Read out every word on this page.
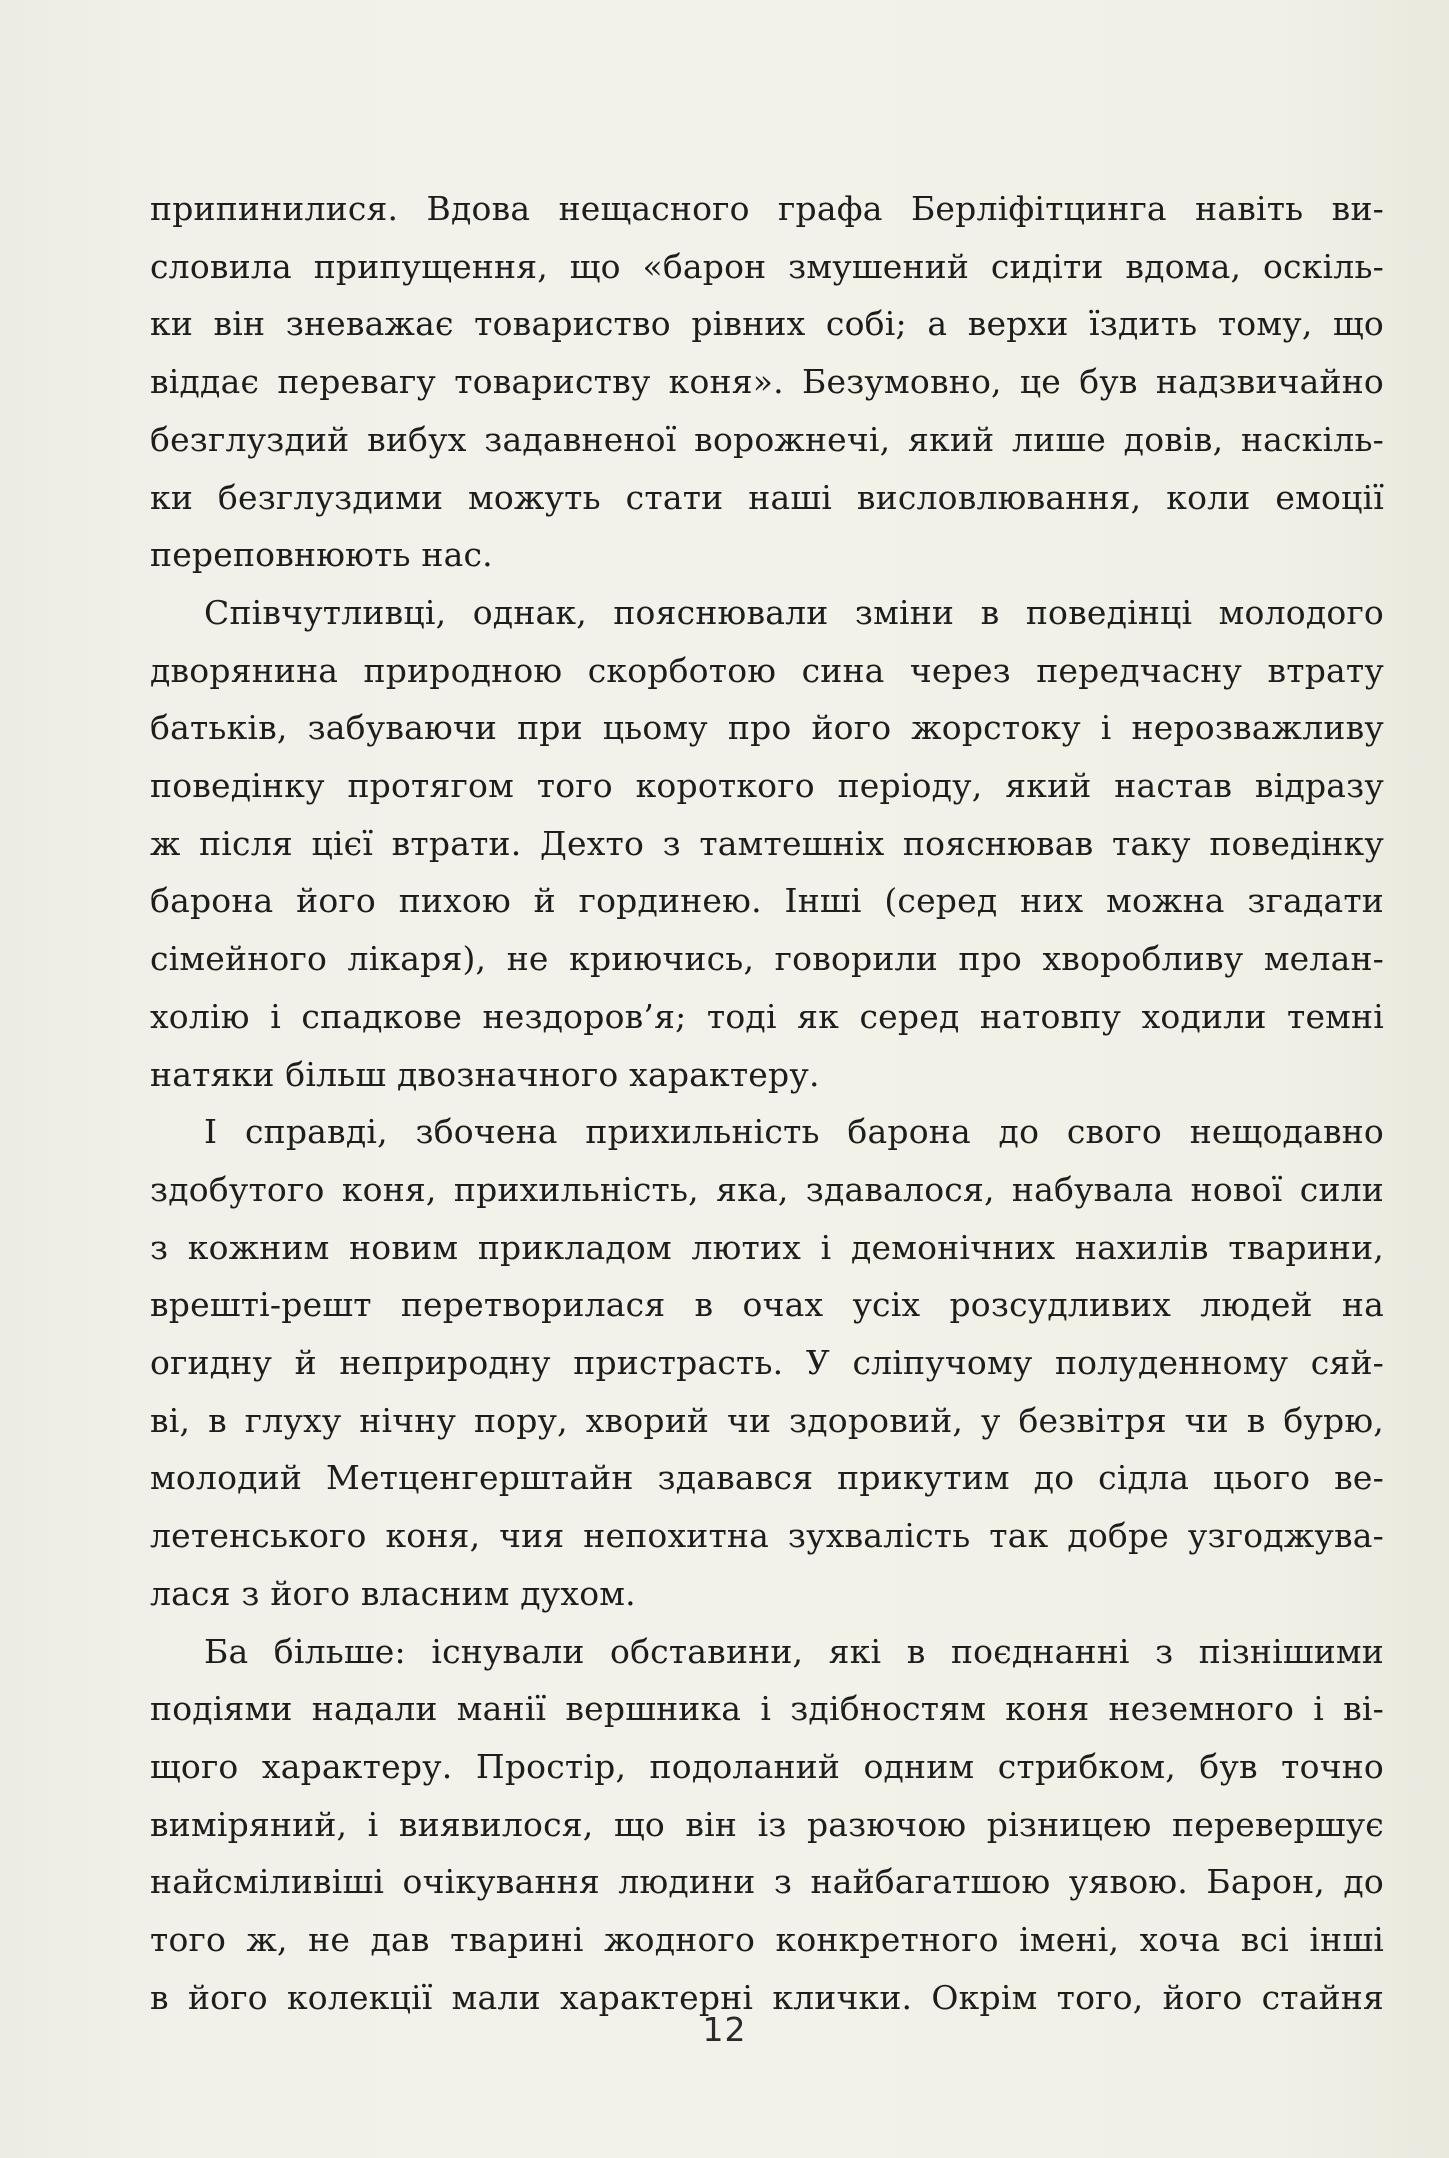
припинилися. Вдова нещасного графа Берліфітцинга навіть ви-
словила припущення, що «барон змушений сидіти вдома, оскіль-
ки він зневажає товариство рівних собі; а верхи їздить тому, що
віддає перевагу товариству коня». Безумовно, це був надзвичайно
безглуздий вибух задавненої ворожнечі, який лише довів, наскіль-
ки безглуздими можуть стати наші висловлювання, коли емоції
переповнюють нас.

Співчутливці, однак, пояснювали зміни в поведінці молодого
дворянина природною скорботою сина через передчасну втрату
батьків, забуваючи при цьому про його жорстоку і нерозважливу
поведінку протягом того короткого періоду, який настав відразу
ж після цієї втрати. Дехто з тамтешніх пояснював таку поведінку
барона його пихою й гординею. Інші (серед них можна згадати
сімейного лікаря), не криючись, говорили про хворобливу мелан-
холію і спадкове нездоров’я; тоді як серед натовпу ходили темні
натяки більш двозначного характеру.

І справді, збочена прихильність барона до свого нещодавно
здобутого коня, прихильність, яка, здавалося, набувала нової сили
з кожним новим прикладом лютих і демонічних нахилів тварини,
врешті-решт перетворилася в очах усіх розсудливих людей на
огидну й неприродну пристрасть. У сліпучому полуденному сяй-
ві, в глуху нічну пору, хворий чи здоровий, у безвітря чи в бурю,
молодий Метценгерштайн здавався прикутим до сідла цього ве-
летенського коня, чия непохитна зухвалість так добре узгоджува-
лася з його власним духом.

Ба більше: існували обставини, які в поєднанні з пізнішими
подіями надали манії вершника і здібностям коня неземного і ві-
щого характеру. Простір, подоланий одним стрибком, був точно
виміряний, і виявилося, що він із разючою різницею перевершує
найсміливіші очікування людини з найбагатшою уявою. Барон, до
того ж, не дав тварині жодного конкретного імені, хоча всі інші
в його колекції мали характерні клички. Окрім того, його стайня

12
